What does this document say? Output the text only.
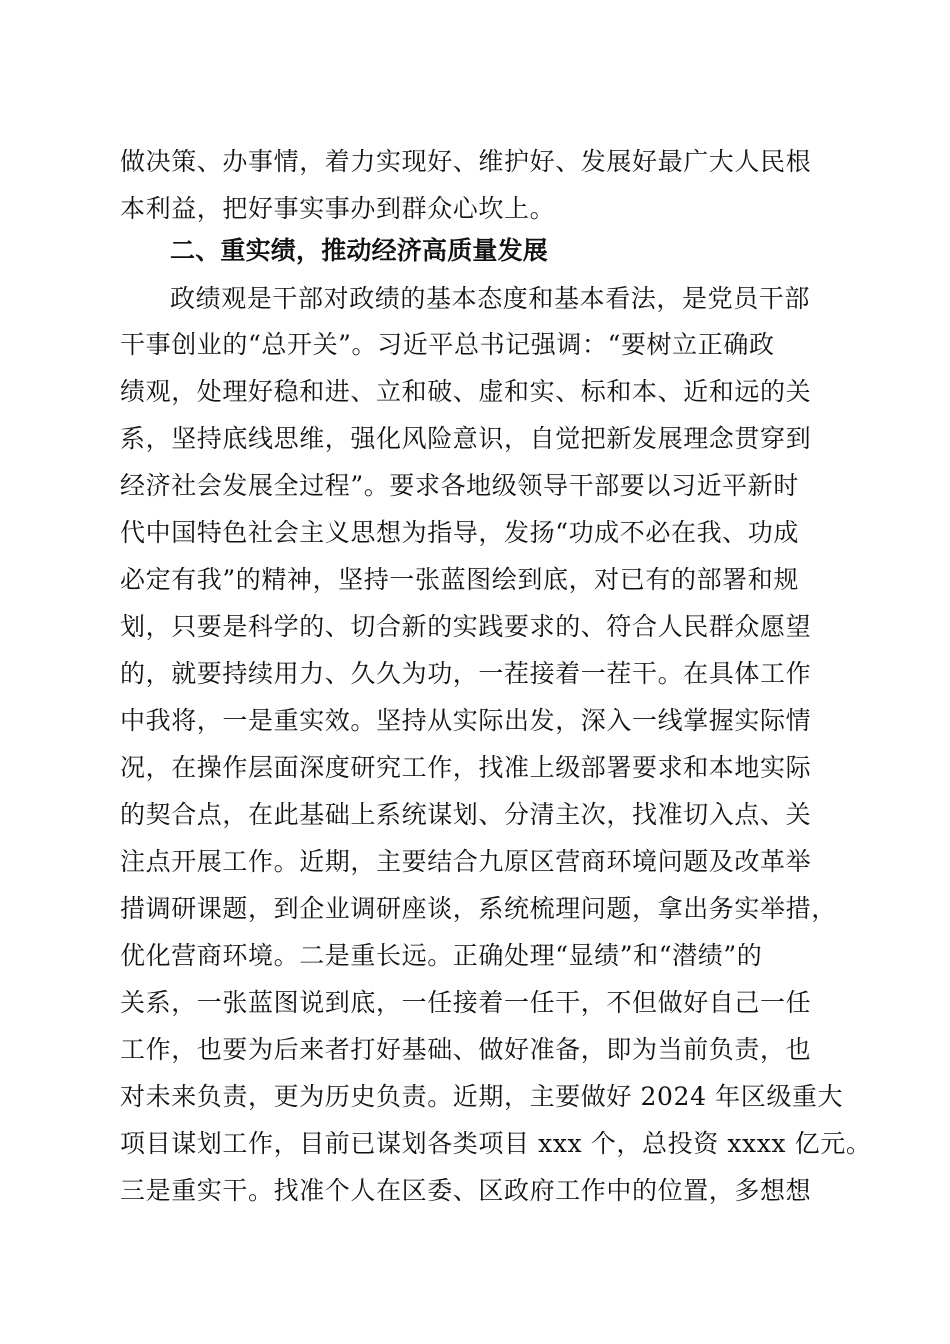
做决策、办事情，着力实现好、维护好、发展好最广大人民根
本利益，把好事实事办到群众心坎上。
二、重实绩，推动经济高质量发展
政绩观是干部对政绩的基本态度和基本看法，是党员干部
干事创业的“总开关”。习近平总书记强调：“要树立正确政
绩观，处理好稳和进、立和破、虚和实、标和本、近和远的关
系，坚持底线思维，强化风险意识，自觉把新发展理念贯穿到
经济社会发展全过程”。要求各地级领导干部要以习近平新时
代中国特色社会主义思想为指导，发扬“功成不必在我、功成
必定有我”的精神，坚持一张蓝图绘到底，对已有的部署和规
划，只要是科学的、切合新的实践要求的、符合人民群众愿望
的，就要持续用力、久久为功，一茬接着一茬干。在具体工作
中我将，一是重实效。坚持从实际出发，深入一线掌握实际情
况，在操作层面深度研究工作，找准上级部署要求和本地实际
的契合点，在此基础上系统谋划、分清主次，找准切入点、关
注点开展工作。近期，主要结合九原区营商环境问题及改革举
措调研课题，到企业调研座谈，系统梳理问题，拿出务实举措，
优化营商环境。二是重长远。正确处理“显绩”和“潜绩”的
关系，一张蓝图说到底，一任接着一任干，不但做好自己一任
工作，也要为后来者打好基础、做好准备，即为当前负责，也
对未来负责，更为历史负责。近期，主要做好 2024 年区级重大
项目谋划工作，目前已谋划各类项目 xxx 个，总投资 xxxx 亿元。
三是重实干。找准个人在区委、区政府工作中的位置，多想想
